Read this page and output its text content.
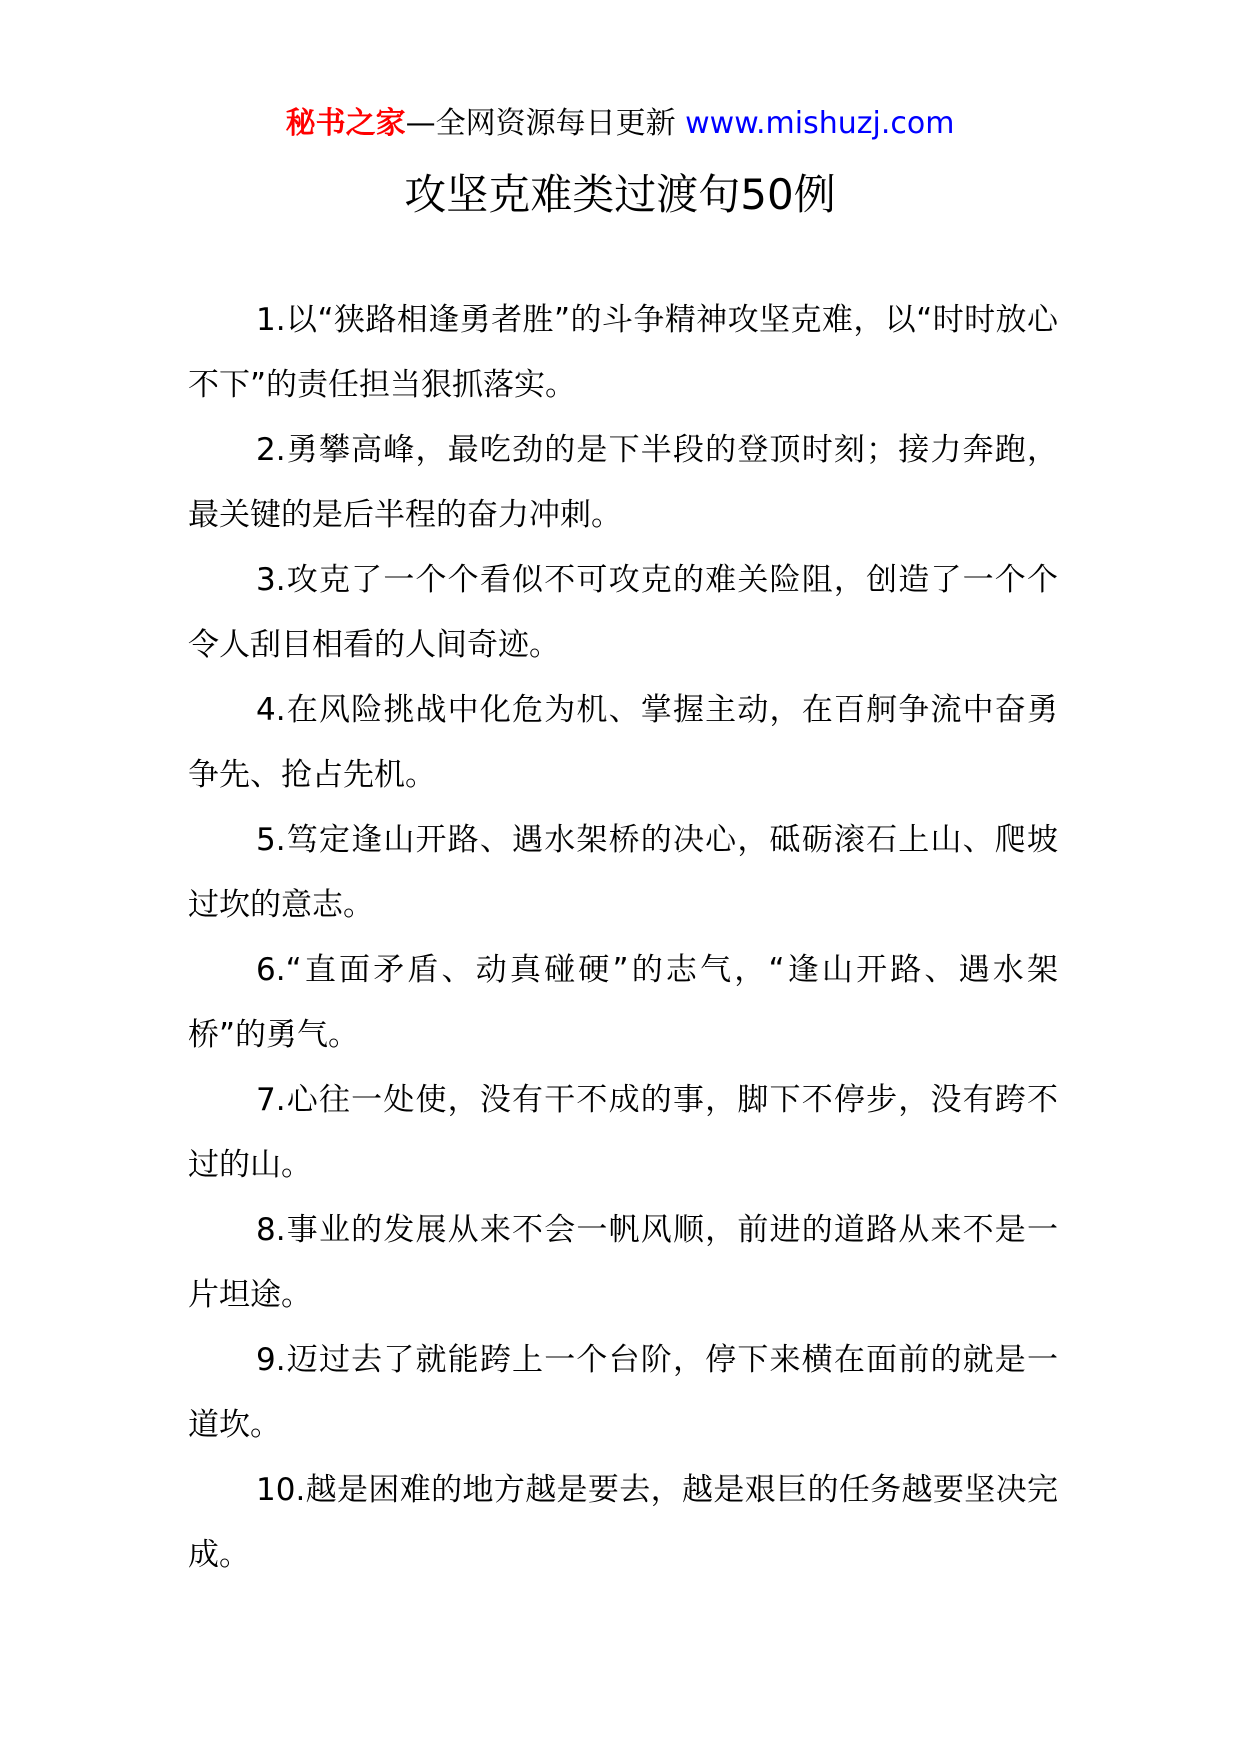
秘书之家—全网资源每日更新 www.mishuzj.com
攻坚克难类过渡句50例
1.以“狭路相逢勇者胜”的斗争精神攻坚克难，以“时时放心不下”的责任担当狠抓落实。
2.勇攀高峰，最吃劲的是下半段的登顶时刻；接力奔跑，最关键的是后半程的奋力冲刺。
3.攻克了一个个看似不可攻克的难关险阻，创造了一个个令人刮目相看的人间奇迹。
4.在风险挑战中化危为机、掌握主动，在百舸争流中奋勇争先、抢占先机。
5.笃定逢山开路、遇水架桥的决心，砥砺滚石上山、爬坡过坎的意志。
6.“直面矛盾、动真碰硬”的志气，“逢山开路、遇水架桥”的勇气。
7.心往一处使，没有干不成的事，脚下不停步，没有跨不过的山。
8.事业的发展从来不会一帆风顺，前进的道路从来不是一片坦途。
9.迈过去了就能跨上一个台阶，停下来横在面前的就是一道坎。
10.越是困难的地方越是要去，越是艰巨的任务越要坚决完成。
